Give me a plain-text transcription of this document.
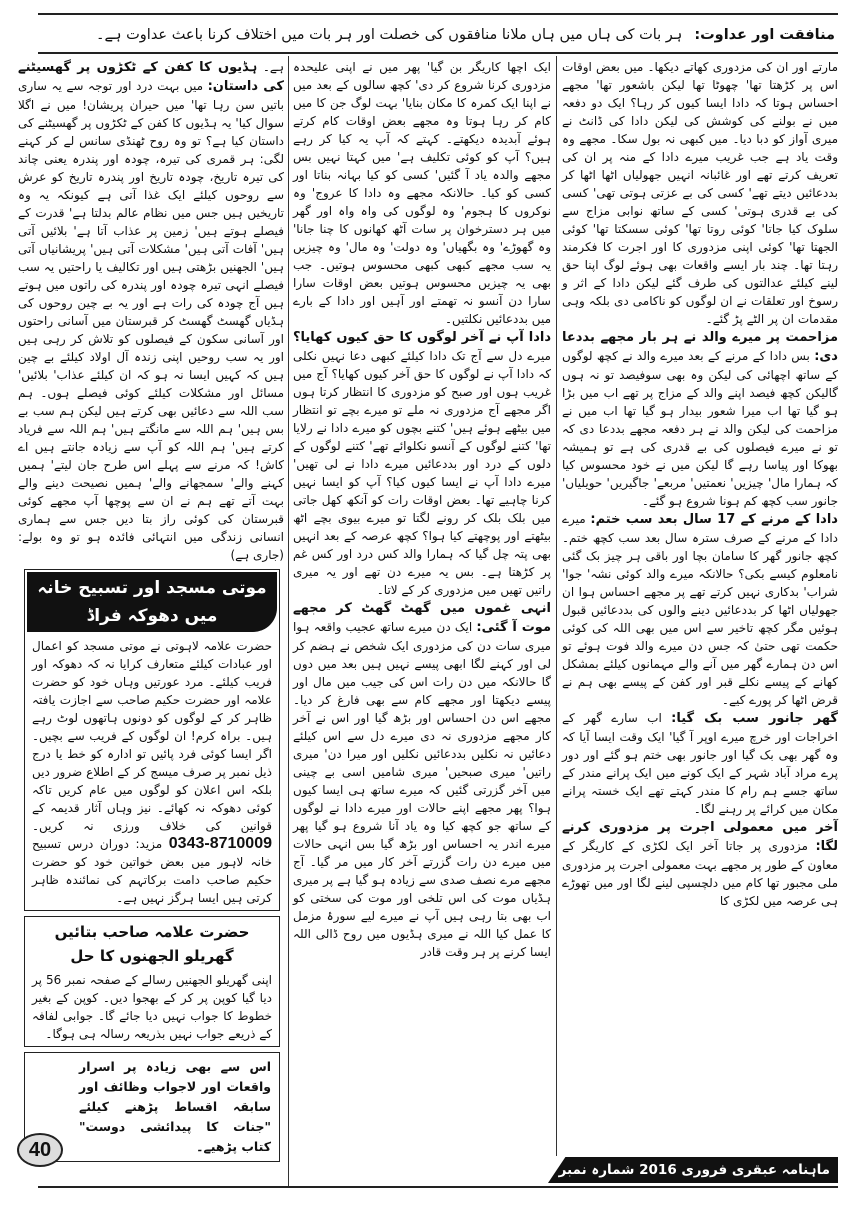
منافقت اور عداوت:ہر بات کی ہاں میں ہاں ملانا منافقوں کی خصلت اور ہر بات میں اختلاف کرنا باعث عداوت ہے۔

مارتے اور ان کی مزدوری کھاتے دیکھا۔ میں بعض اوقات اس پر کڑھتا تھا' چھوٹا تھا لیکن باشعور تھا' مجھے احساس ہوتا کہ دادا ایسا کیوں کر رہا؟ ایک دو دفعہ میں نے بولنے کی کوشش کی لیکن دادا کی ڈانٹ نے میری آواز کو دبا دیا۔ میں کبھی نہ بول سکا۔ مجھے وہ وقت یاد ہے جب غریب میرے دادا کے منہ پر ان کی تعریف کرتے تھے اور غائبانہ انہیں جھولیاں اٹھا اٹھا کر بددعائیں دیتے تھے' کسی کی بے عزتی ہوتی تھی' کسی کی بے قدری ہوتی' کسی کے ساتھ نوابی مزاج سے سلوک کیا جاتا' کوئی روتا تھا' کوئی سسکتا تھا' کوئی الجھتا تھا' کوئی اپنی مزدوری کا اور اجرت کا فکرمند رہتا تھا۔ چند بار ایسے واقعات بھی ہوئے لوگ اپنا حق لینے کیلئے عدالتوں کی طرف گئے لیکن دادا کے اثر و رسوخ اور تعلقات نے ان لوگوں کو ناکامی دی بلکہ وہی مقدمات ان پر الٹے پڑ گئے۔

مزاحمت پر میرے والد نے ہر بار مجھے بددعا دی: بس دادا کے مرنے کے بعد میرے والد نے کچھ لوگوں کے ساتھ اچھائی کی لیکن وہ بھی سوفیصد تو نہ ہوں گالیکن کچھ فیصد اپنے والد کے مزاج پر تھے اب میں بڑا ہو گیا تھا اب میرا شعور بیدار ہو گیا تھا اب میں نے مزاحمت کی لیکن والد نے ہر دفعہ مجھے بددعا دی کہ تو نے میرے فیصلوں کی بے قدری کی ہے تو ہمیشہ بھوکا اور پیاسا رہے گا لیکن میں نے خود محسوس کیا کہ ہمارا مال' چیزیں' نعمتیں' مربعے' جاگیریں' حویلیاں' جانور سب کچھ کم ہونا شروع ہو گئے۔

دادا کے مرنے کے 17 سال بعد سب ختم: میرے دادا کے مرنے کے صرف سترہ سال بعد سب کچھ ختم۔ کچھ جانور گھر کا سامان بچا اور باقی ہر چیز بک گئی نامعلوم کیسے بکی؟ حالانکہ میرے والد کوئی نشہ' جوا' شراب' بدکاری نہیں کرتے تھے پر مجھے احساس ہوا ان جھولیاں اٹھا کر بددعائیں دینے والوں کی بددعائیں قبول ہوئیں مگر کچھ تاخیر سے اس میں بھی اللہ کی کوئی حکمت تھی حتیٰ کہ جس دن میرے والد فوت ہوئے تو اس دن ہمارے گھر میں آنے والے مہمانوں کیلئے بمشکل کھانے کے پیسے نکلے قبر اور کفن کے پیسے بھی ہم نے قرض اٹھا کر پورے کیے۔

گھر جانور سب بک گیا: اب سارے گھر کے اخراجات اور خرچ میرے اوپر آ گیا' ایک وقت ایسا آیا کہ وہ گھر بھی بک گیا اور جانور بھی ختم ہو گئے اور دور پرے مراد آباد شہر کے ایک کونے میں ایک پرانے مندر کے ساتھ جسے ہم رام کا مندر کہتے تھے ایک خستہ پرانے مکان میں کرائے پر رہنے لگا۔

آخر میں معمولی اجرت پر مزدوری کرنے لگا: مزدوری پر جاتا آخر ایک لکڑی کے کاریگر کے معاون کے طور پر مجھے بہت معمولی اجرت پر مزدوری ملی مجبور تھا کام میں دلچسپی لینے لگا اور میں تھوڑے ہی عرصہ میں لکڑی کا

ایک اچھا کاریگر بن گیا' پھر میں نے اپنی علیحدہ مزدوری کرنا شروع کر دی' کچھ سالوں کے بعد میں نے اپنا ایک کمرہ کا مکان بنایا' بہت لوگ جن کا میں کام کر رہا ہوتا وہ مجھے بعض اوقات کام کرتے ہوئے آبدیدہ دیکھتے۔ کہتے کہ آپ یہ کیا کر رہے ہیں؟ آپ کو کوئی تکلیف ہے' میں کہتا نہیں بس مجھے والدہ یاد آ گئیں' کسی کو کیا بہانہ بناتا اور کسی کو کیا۔ حالانکہ مجھے وہ دادا کا عروج' وہ نوکروں کا ہجوم' وہ لوگوں کی واہ واہ اور گھر میں ہر دسترخوان پر سات آٹھ کھانوں کا چنا جانا' وہ گھوڑے' وہ بگھیاں' وہ دولت' وہ مال' وہ چیزیں یہ سب مجھے کبھی کبھی محسوس ہوتیں۔ جب بھی یہ چیزیں محسوس ہوتیں بعض اوقات سارا سارا دن آنسو نہ تھمتے اور آہیں اور دادا کے بارے میں بددعائیں نکلتیں۔

دادا آپ نے آخر لوگوں کا حق کیوں کھایا؟ میرے دل سے آج تک دادا کیلئے کبھی دعا نہیں نکلی کہ دادا آپ نے لوگوں کا حق آخر کیوں کھایا؟ آج میں غریب ہوں اور صبح کو مزدوری کا انتظار کرتا ہوں اگر مجھے آج مزدوری نہ ملے تو میرے بچے تو انتظار میں بیٹھے ہوئے ہیں' کتنے بچوں کو میرے دادا نے رلایا تھا' کتنے لوگوں کے آنسو نکلوائے تھے' کتنے لوگوں کے دلوں کے درد اور بددعائیں میرے دادا نے لی تھیں' میرے دادا آپ نے ایسا کیوں کیا؟ آپ کو ایسا نہیں کرنا چاہیے تھا۔ بعض اوقات رات کو آنکھ کھل جاتی میں بلک بلک کر رونے لگتا تو میرے بیوی بچے اٹھ بیٹھتے اور پوچھتے کیا ہوا؟ کچھ عرصہ کے بعد انہیں بھی پتہ چل گیا کہ ہمارا والد کس درد اور کس غم پر کڑھتا ہے۔ بس یہ میرے دن تھے اور یہ میری راتیں تھیں میں مزدوری کر کے لاتا۔

انہی غموں میں گھٹ گھٹ کر مجھے موت آ گئی: ایک دن میرے ساتھ عجیب واقعہ ہوا میری سات دن کی مزدوری ایک شخص نے ہضم کر لی اور کہنے لگا ابھی پیسے نہیں ہیں بعد میں دوں گا حالانکہ میں دن رات اس کی جیب میں مال اور پیسے دیکھتا اور مجھے کام سے بھی فارغ کر دیا۔ مجھے اس دن احساس اور بڑھ گیا اور اس نے آخر کار مجھے مزدوری نہ دی میرے دل سے اس کیلئے دعائیں نہ نکلیں بددعائیں نکلیں اور میرا دن' میری راتیں' میری صبحیں' میری شامیں اسی بے چینی میں آخر گزرتی گئیں کہ میرے ساتھ ہی ایسا کیوں ہوا؟ پھر مجھے اپنے حالات اور میرے دادا نے لوگوں کے ساتھ جو کچھ کیا وہ یاد آنا شروع ہو گیا پھر میرے اندر یہ احساس اور بڑھ گیا بس انہی حالات میں میرے دن رات گزرتے آخر کار میں مر گیا۔ آج مجھے مرے نصف صدی سے زیادہ ہو گیا ہے پر میری ہڈیاں موت کی اس تلخی اور موت کی سختی کو اب بھی بتا رہی ہیں آپ نے میرے لیے سورۂ مزمل کا عمل کیا اللہ نے میری ہڈیوں میں روح ڈالی اللہ ایسا کرنے پر ہر وقت قادر

ہے۔ ہڈیوں کا کفن کے ٹکڑوں پر گھسیٹنے کی داستان: میں بہت درد اور توجہ سے یہ ساری باتیں سن رہا تھا' میں حیران پریشان! میں نے اگلا سوال کیا' یہ ہڈیوں کا کفن کے ٹکڑوں پر گھسیٹنے کی داستان کیا ہے؟ تو وہ روح ٹھنڈی سانس لے کر کہنے لگی: ہر قمری کی تیرہ، چودہ اور پندرہ یعنی چاند کی تیرہ تاریخ، چودہ تاریخ اور پندرہ تاریخ کو عرش سے روحوں کیلئے ایک غذا آتی ہے کیونکہ یہ وہ تاریخیں ہیں جس میں نظام عالم بدلتا ہے' قدرت کے فیصلے ہوتے ہیں' زمین پر عذاب آتا ہے' بلائیں آتی ہیں' آفات آتی ہیں' مشکلات آتی ہیں' پریشانیاں آتی ہیں' الجھنیں بڑھتی ہیں اور تکالیف یا راحتیں یہ سب فیصلے انہی تیرہ چودہ اور پندرہ کی راتوں میں ہوتے ہیں آج چودہ کی رات ہے اور یہ بے چین روحوں کی ہڈیاں گھسٹ گھسٹ کر قبرستان میں آسانی راحتوں اور آسانی سکون کے فیصلوں کو تلاش کر رہی ہیں اور یہ سب روحیں اپنی زندہ آل اولاد کیلئے بے چین ہیں کہ کہیں ایسا نہ ہو کہ ان کیلئے عذاب' بلائیں' مسائل اور مشکلات کیلئے کوئی فیصلے ہوں۔ ہم سب اللہ سے دعائیں بھی کرتے ہیں لیکن ہم سب بے بس ہیں' ہم اللہ سے مانگتے ہیں' ہم اللہ سے فریاد کرتے ہیں' ہم اللہ کو آپ سے زیادہ جانتے ہیں اے کاش! کہ مرنے سے پہلے اس طرح جان لیتے' ہمیں کہنے والے' سمجھانے والے' ہمیں نصیحت دینے والے بہت آتے تھے ہم نے ان سے پوچھا آپ مجھے کوئی قبرستان کی کوئی راز بتا دیں جس سے ہماری انسانی زندگی میں انتہائی فائدہ ہو تو وہ بولے: (جاری ہے)

موتی مسجد اور تسبیح خانہ میں دھوکہ فراڈ
حضرت علامہ لاہوتی نے موتی مسجد کو اعمال اور عبادات کیلئے متعارف کرایا نہ کہ دھوکہ اور فریب کیلئے۔ مرد عورتیں وہاں خود کو حضرت علامہ اور حضرت حکیم صاحب سے اجازت یافتہ ظاہر کر کے لوگوں کو دونوں ہاتھوں لوٹ رہے ہیں۔ براہ کرم! ان لوگوں کے فریب سے بچیں۔ اگر ایسا کوئی فرد پائیں تو ادارہ کو خط یا درج ذیل نمبر پر صرف میسج کر کے اطلاع ضرور دیں بلکہ اس اعلان کو لوگوں میں عام کریں تاکہ کوئی دھوکہ نہ کھائے۔ نیز وہاں آثار قدیمہ کے قوانین کی خلاف ورزی نہ کریں۔ 0343-8710009 مزید: دوران درس تسبیح خانہ لاہور میں بعض خواتین خود کو حضرت حکیم صاحب دامت برکاتہم کی نمائندہ ظاہر کرتی ہیں ایسا ہرگز نہیں ہے۔
حضرت علامہ صاحب بتائیں گھریلو الجھنوں کا حل
اپنی گھریلو الجھنیں رسالے کے صفحہ نمبر 56 پر دیا گیا کوپن پر کر کے بھجوا دیں۔ کوپن کے بغیر خطوط کا جواب نہیں دیا جائے گا۔ جوابی لفافہ کے ذریعے جواب نہیں بذریعہ رسالہ ہی ہوگا۔
اس سے بھی زیادہ پر اسرار واقعات اور لاجواب وظائف اور سابقہ اقساط پڑھنے کیلئے "جنات کا پیدائشی دوست" کتاب پڑھیے۔
40
ماہنامہ عبقری فروری 2016 شمارہ نمبر 116
